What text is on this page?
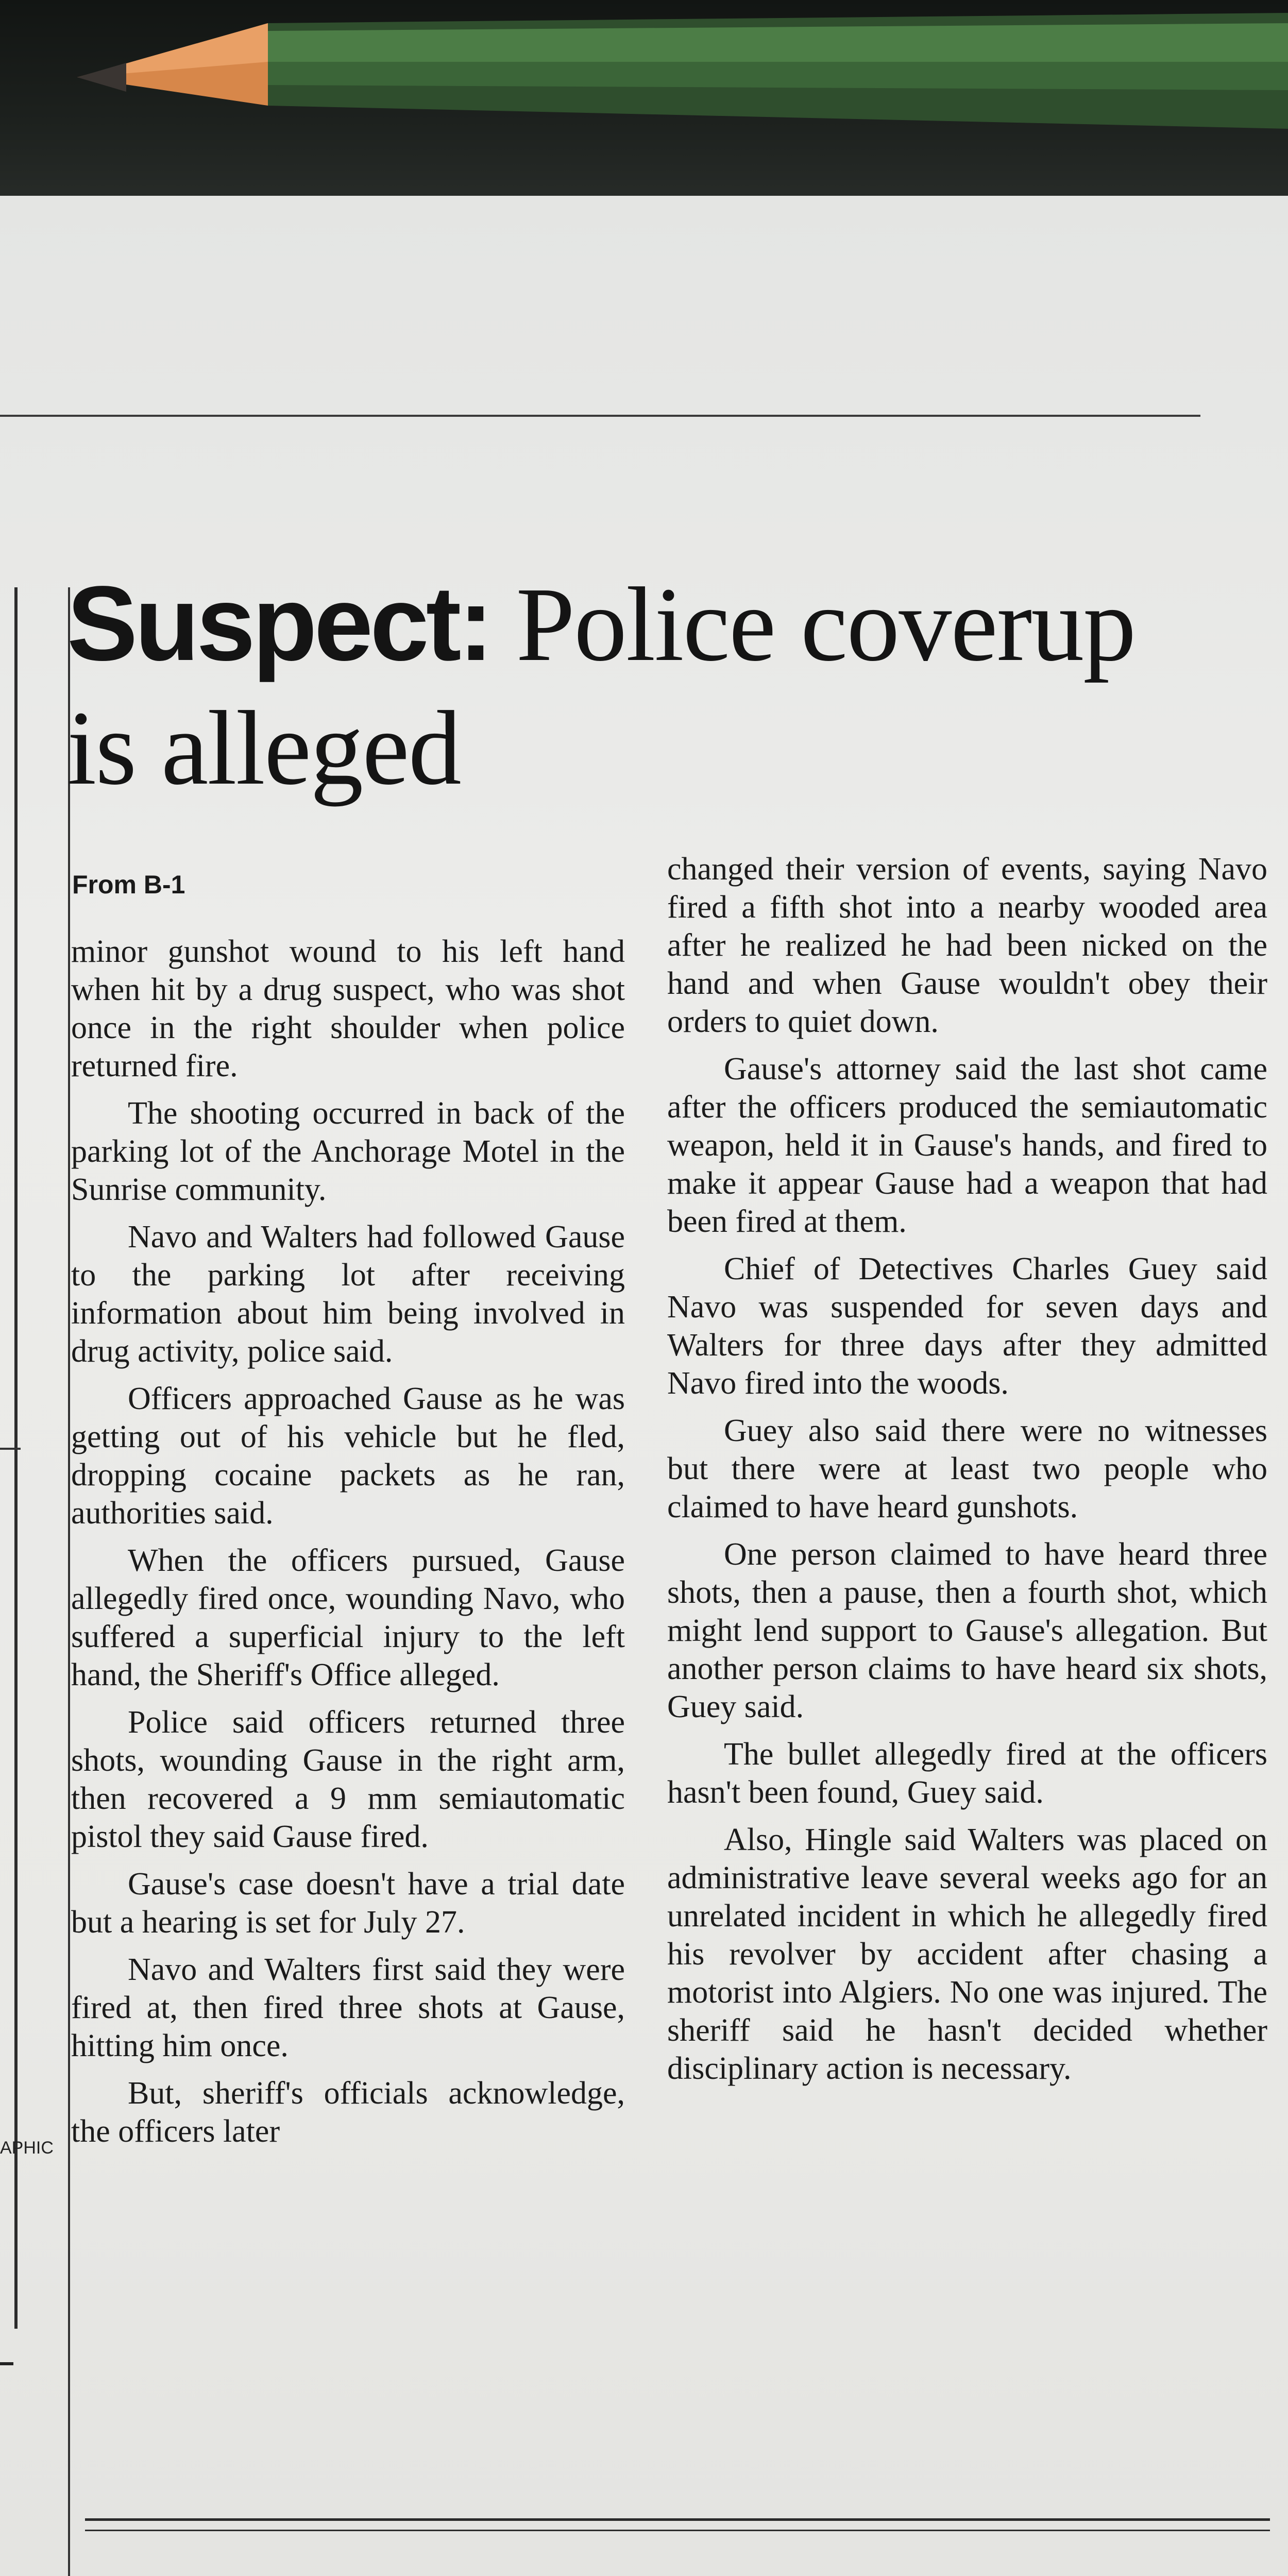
APHIC
Suspect: Police coverup is alleged
From B-1

minor gunshot wound to his left hand when hit by a drug suspect, who was shot once in the right shoulder when police returned fire.

The shooting occurred in back of the parking lot of the Anchorage Motel in the Sunrise community.

Navo and Walters had followed Gause to the parking lot after receiving information about him being involved in drug activity, police said.

Officers approached Gause as he was getting out of his vehicle but he fled, dropping cocaine packets as he ran, authorities said.

When the officers pursued, Gause allegedly fired once, wounding Navo, who suffered a superficial injury to the left hand, the Sheriff's Office alleged.

Police said officers returned three shots, wounding Gause in the right arm, then recovered a 9 mm semiautomatic pistol they said Gause fired.

Gause's case doesn't have a trial date but a hearing is set for July 27.

Navo and Walters first said they were fired at, then fired three shots at Gause, hitting him once.

But, sheriff's officials acknowledge, the officers later

changed their version of events, saying Navo fired a fifth shot into a nearby wooded area after he realized he had been nicked on the hand and when Gause wouldn't obey their orders to quiet down.

Gause's attorney said the last shot came after the officers produced the semiautomatic weapon, held it in Gause's hands, and fired to make it appear Gause had a weapon that had been fired at them.

Chief of Detectives Charles Guey said Navo was suspended for seven days and Walters for three days after they admitted Navo fired into the woods.

Guey also said there were no witnesses but there were at least two people who claimed to have heard gunshots.

One person claimed to have heard three shots, then a pause, then a fourth shot, which might lend support to Gause's allegation. But another person claims to have heard six shots, Guey said.

The bullet allegedly fired at the officers hasn't been found, Guey said.

Also, Hingle said Walters was placed on administrative leave several weeks ago for an unrelated incident in which he allegedly fired his revolver by accident after chasing a motorist into Algiers. No one was injured. The sheriff said he hasn't decided whether disciplinary action is necessary.
